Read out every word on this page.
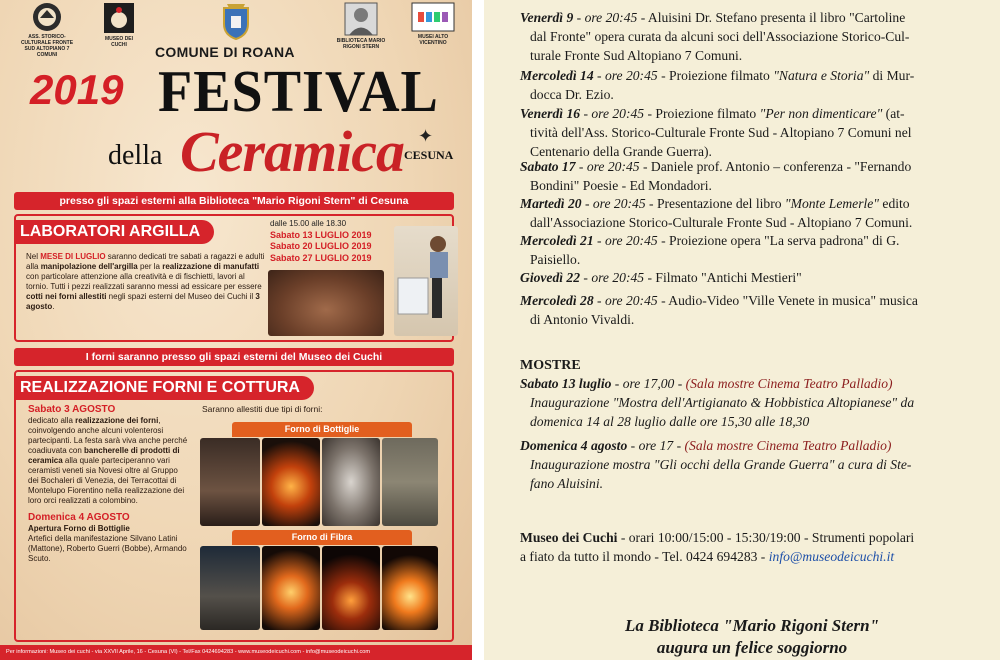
ASS. STORICO-CULTURALE FRONTE SUD ALTOPIANO 7 COMUNI
MUSEO DEI CUCHI
BIBLIOTECA MARIO RIGONI STERN
MUSEI ALTO VICENTINO
COMUNE DI ROANA
2019 FESTIVAL
della Ceramica ✦
CESUNA
presso gli spazi esterni alla Biblioteca "Mario Rigoni Stern" di Cesuna
LABORATORI ARGILLA	dalle 15.00 alle 18.30
Sabato 13 LUGLIO 2019
Sabato 20 LUGLIO 2019
Sabato 27 LUGLIO 2019
Nel MESE DI LUGLIO saranno dedicati tre sabati a ragazzi e adulti alla manipolazione dell'argilla per la realizzazione di manufatti con particolare attenzione alla creatività e di fischietti, lavori al tornio. Tutti i pezzi realizzati saranno messi ad essicare per essere cotti nei forni allestiti negli spazi esterni del Museo dei Cuchi il 3 agosto.
I forni saranno presso gli spazi esterni del Museo dei Cuchi
REALIZZAZIONE FORNI E COTTURA
Saranno allestiti due tipi di forni:
Sabato 3 AGOSTO
dedicato alla realizzazione dei forni, coinvolgendo anche alcuni volenterosi partecipanti. La festa sarà viva anche perché coadiuvata con bancherelle di prodotti di ceramica alla quale parteciperanno vari ceramisti veneti sia Novesi oltre al Gruppo dei Bochaleri di Venezia, dei Terracottai di Montelupo Fiorentino nella realizzazione dei loro orci realizzati a colombino.
Domenica 4 AGOSTO
Apertura Forno di Bottiglie
Artefici della manifestazione Silvano Latini (Mattone), Roberto Guerri (Bobbe), Armando Scuto.
Forno di Bottiglie
Forno di Fibra
Per informazioni: Museo dei cuchi - via XXVII Aprile, 16 - Cesuna (VI) - Tel/Fax 0424694283 - www.museodeicuchi.com - info@museodeicuchi.com
Venerdì 9 - ore 20:45 - Aluisini Dr. Stefano presenta il libro "Cartoline
dal Fronte" opera curata da alcuni soci dell'Associazione Storico-Cul-
turale Fronte Sud Altopiano 7 Comuni.
Mercoledì 14 - ore 20:45 - Proiezione filmato "Natura e Storia" di Mur-
docca Dr. Ezio.
Venerdì 16 - ore 20:45 - Proiezione filmato "Per non dimenticare" (at-
tività dell'Ass. Storico-Culturale Fronte Sud - Altopiano 7 Comuni nel
Centenario della Grande Guerra).
Sabato 17 - ore 20:45 - Daniele prof. Antonio – conferenza - "Fernando
Bondini" Poesie - Ed Mondadori.
Martedì 20 - ore 20:45 - Presentazione del libro "Monte Lemerle" edito
dall'Associazione Storico-Culturale Fronte Sud - Altopiano 7 Comuni.
Mercoledì 21 - ore 20:45 - Proiezione opera "La serva padrona" di G.
Paisiello.
Giovedì 22 - ore 20:45 - Filmato "Antichi Mestieri"
Mercoledì 28 - ore 20:45 - Audio-Video "Ville Venete in musica" musica
di Antonio Vivaldi.
MOSTRE
Sabato 13 luglio - ore 17,00 - (Sala mostre Cinema Teatro Palladio)
Inaugurazione "Mostra dell'Artigianato & Hobbistica Altopianese" da
domenica 14 al 28 luglio dalle ore 15,30 alle 18,30
Domenica 4 agosto - ore 17 - (Sala mostre Cinema Teatro Palladio)
Inaugurazione mostra "Gli occhi della Grande Guerra" a cura di Ste-
fano Aluisini.
Museo dei Cuchi - orari 10:00/15:00 - 15:30/19:00 - Strumenti popolari
a fiato da tutto il mondo - Tel. 0424 694283 - info@museodeicuchi.it
La Biblioteca "Mario Rigoni Stern"
augura un felice soggiorno
